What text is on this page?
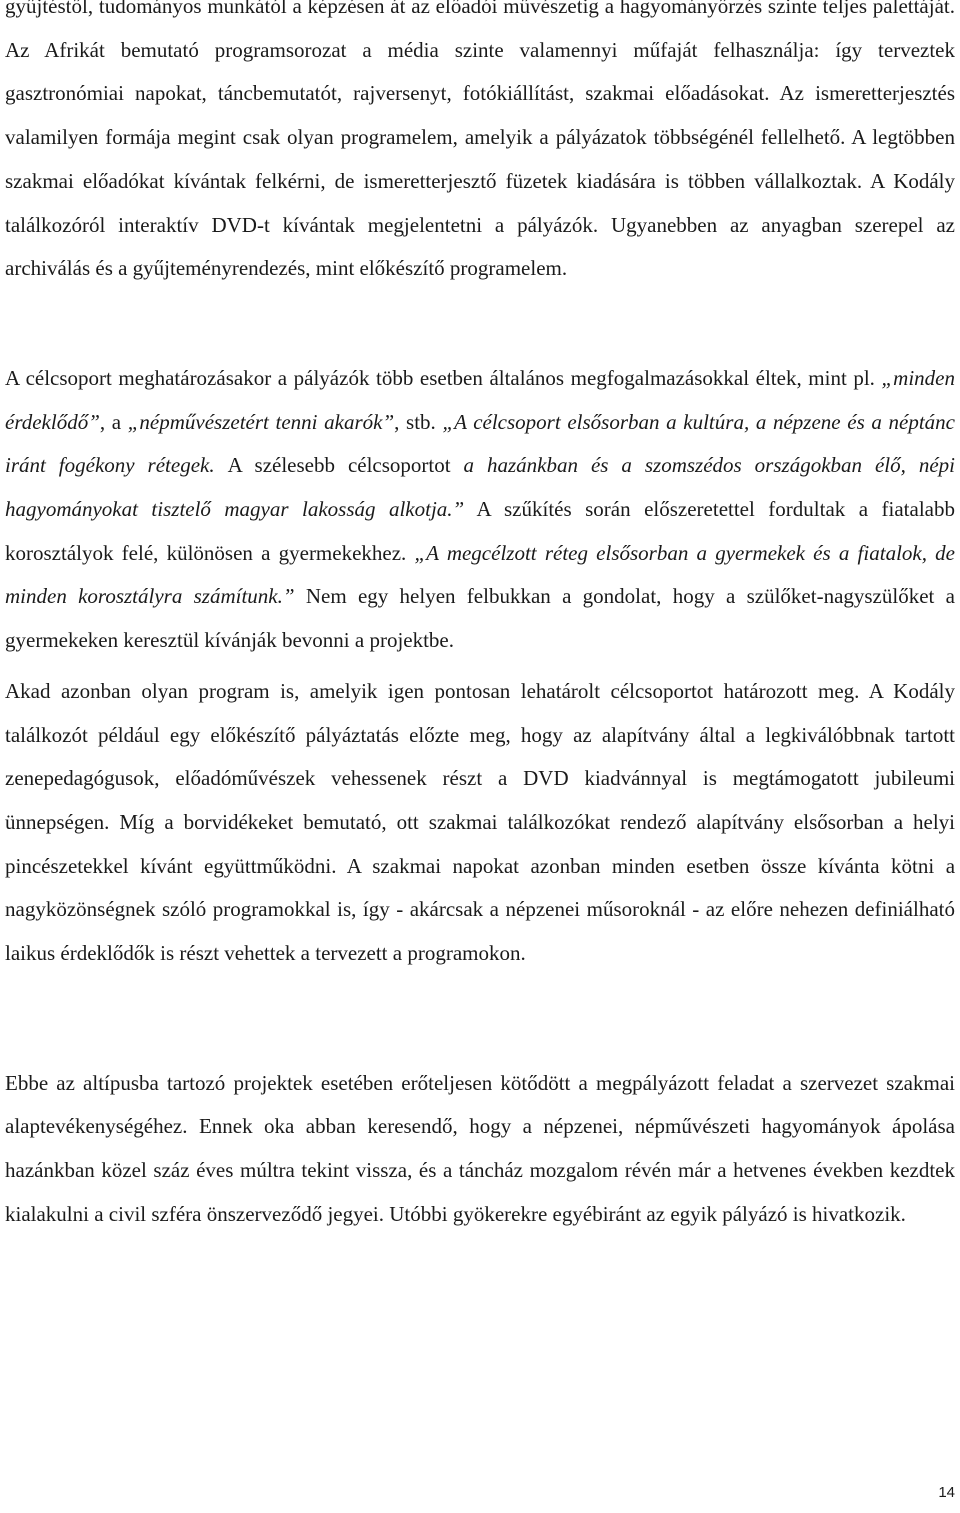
gyűjtéstől, tudományos munkától a képzésen át az előadói művészetig a hagyományőrzés szinte teljes palettáját. Az Afrikát bemutató programsorozat a média szinte valamennyi műfaját felhasználja: így terveztek gasztronómiai napokat, táncbemutatót, rajversenyt, fotókiállítást, szakmai előadásokat. Az ismeretterjesztés valamilyen formája megint csak olyan programelem, amelyik a pályázatok többségénél fellelhető. A legtöbben szakmai előadókat kívántak felkérni, de ismeretterjesztő füzetek kiadására is többen vállalkoztak. A Kodály találkozóról interaktív DVD-t kívántak megjelentetni a pályázók. Ugyanebben az anyagban szerepel az archiválás és a gyűjteményrendezés, mint előkészítő programelem.

A célcsoport meghatározásakor a pályázók több esetben általános megfogalmazásokkal éltek, mint pl. „minden érdeklődő”, a „népművészetért tenni akarók”, stb. „A célcsoport elsősorban a kultúra, a népzene és a néptánc iránt fogékony rétegek. A szélesebb célcsoportot a hazánkban és a szomszédos országokban élő, népi hagyományokat tisztelő magyar lakosság alkotja.” A szűkítés során előszeretettel fordultak a fiatalabb korosztályok felé, különösen a gyermekekhez. „A megcélzott réteg elsősorban a gyermekek és a fiatalok, de minden korosztályra számítunk.” Nem egy helyen felbukkan a gondolat, hogy a szülőket-nagyszülőket a gyermekeken keresztül kívánják bevonni a projektbe.

Akad azonban olyan program is, amelyik igen pontosan lehatárolt célcsoportot határozott meg. A Kodály találkozót például egy előkészítő pályáztatás előzte meg, hogy az alapítvány által a legkiválóbbnak tartott zenepedagógusok, előadóművészek vehessenek részt a DVD kiadvánnyal is megtámogatott jubileumi ünnepségen. Míg a borvidékeket bemutató, ott szakmai találkozókat rendező alapítvány elsősorban a helyi pincészetekkel kívánt együttműködni. A szakmai napokat azonban minden esetben össze kívánta kötni a nagyközönségnek szóló programokkal is, így - akárcsak a népzenei műsoroknál - az előre nehezen definiálható laikus érdeklődők is részt vehettek a tervezett a programokon.

Ebbe az altípusba tartozó projektek esetében erőteljesen kötődött a megpályázott feladat a szervezet szakmai alaptevékenységéhez. Ennek oka abban keresendő, hogy a népzenei, népművészeti hagyományok ápolása hazánkban közel száz éves múltra tekint vissza, és a táncház mozgalom révén már a hetvenes években kezdtek kialakulni a civil szféra önszerveződő jegyei. Utóbbi gyökerekre egyébiránt az egyik pályázó is hivatkozik.

14
